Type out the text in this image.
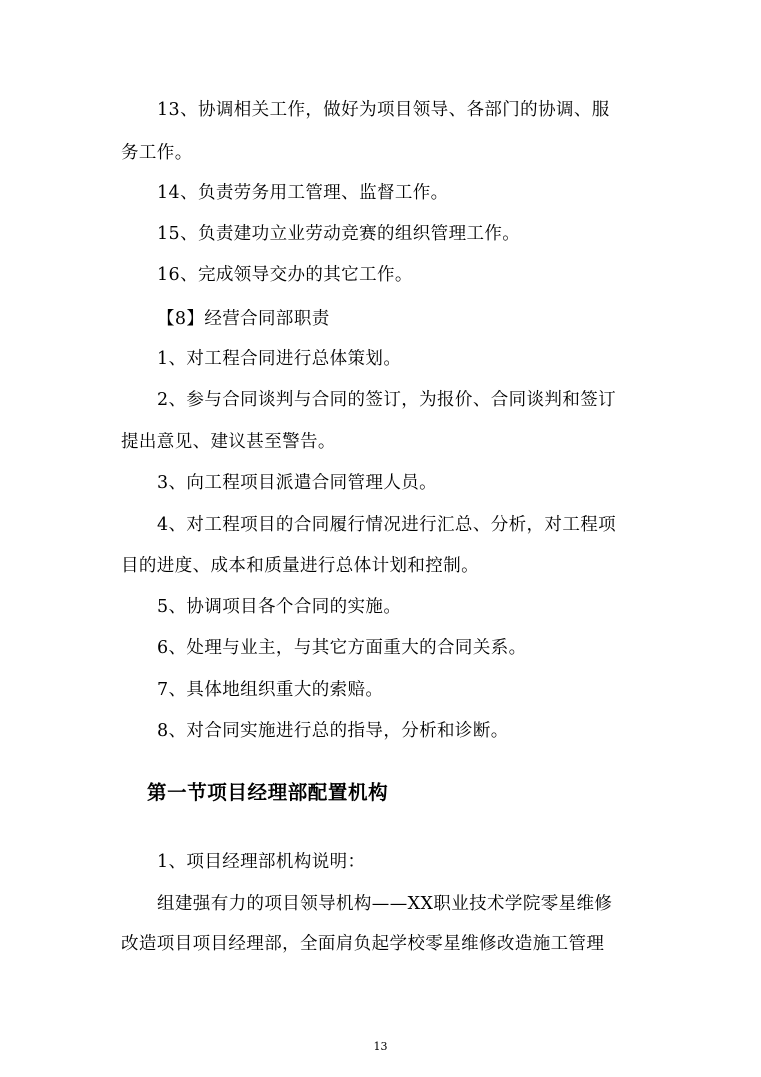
13、协调相关工作，做好为项目领导、各部门的协调、服
务工作。
14、负责劳务用工管理、监督工作。
15、负责建功立业劳动竞赛的组织管理工作。
16、完成领导交办的其它工作。
【8】经营合同部职责
1、对工程合同进行总体策划。
2、参与合同谈判与合同的签订，为报价、合同谈判和签订
提出意见、建议甚至警告。
3、向工程项目派遣合同管理人员。
4、对工程项目的合同履行情况进行汇总、分析，对工程项
目的进度、成本和质量进行总体计划和控制。
5、协调项目各个合同的实施。
6、处理与业主，与其它方面重大的合同关系。
7、具体地组织重大的索赔。
8、对合同实施进行总的指导，分析和诊断。
第一节项目经理部配置机构
1、项目经理部机构说明：
组建强有力的项目领导机构——XX职业技术学院零星维修
改造项目项目经理部，全面肩负起学校零星维修改造施工管理
13
